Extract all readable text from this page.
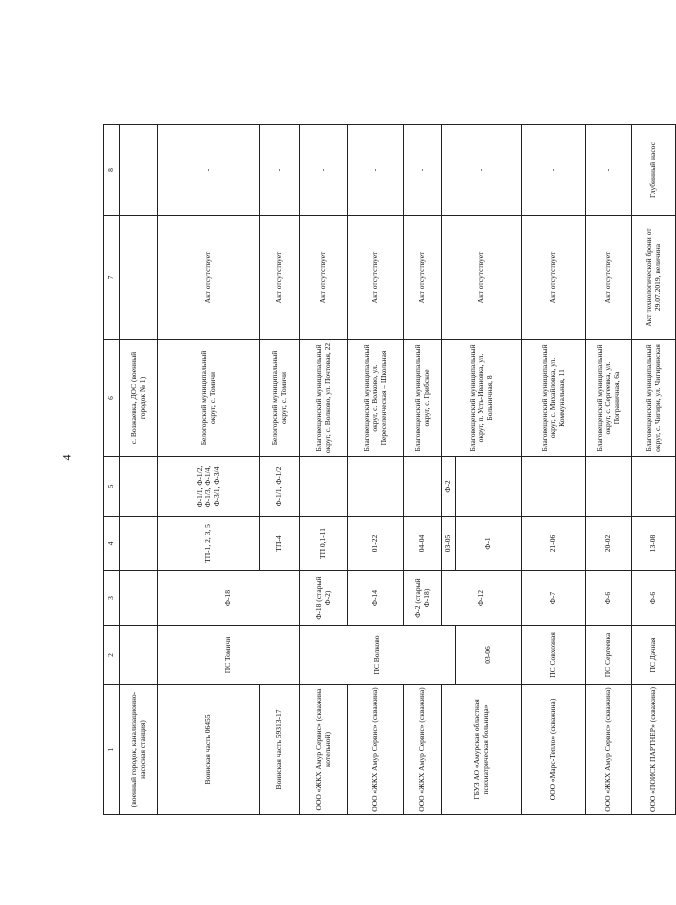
4
1	2	3	4	5	6	7	8
(военный городок, канализационно-насосная станция)					с. Возжаевка, ДОС (военный городок № 1)		
Воинская часть 06455	ПС Томичи	Ф-18	ТП-1, 2, 3, 5	Ф-1/1, Ф-1/2, Ф-1/3, Ф-1/4, Ф-3/1, Ф-3/4	Белогорский муниципальный округ, с. Томичи	Акт отсутствует	-
Воинская часть 59313-17			ТП-4	Ф-1/1, Ф-1/2	Белогорский муниципальный округ, с. Томичи	Акт отсутствует	-
ООО «ЖКХ Амур Сервис» (скважина котельной)	ПС Волково	Ф-18 (старый Ф-2)	ТП 0,1-11		Благовещенский муниципальный округ, с. Волково, ул. Почтовая, 22	Акт отсутствует	-
ООО «ЖКХ Амур Сервис» (скважина)		Ф-14	01-22		Благовещенский муниципальный округ, с. Волково, ул. Переселенческая – Школьная	Акт отсутствует	-
ООО «ЖКХ Амур Сервис» (скважина)		Ф-2 (старый Ф-18)	04-04		Благовещенский муниципальный округ, с. Грибское	Акт отсутствует	-
ГБУЗ АО «Амурская областная психиатрическая больница»		Ф-12	03-05	Ф-2	Благовещенский муниципальный округ, п. Усть-Ивановка, ул. Больничная, 8	Акт отсутствует	-
	03-06		Ф-1				
ООО «Марс-Тепло» (скважина)	ПС Совхозная	Ф-7	21-06		Благовещенский муниципальный округ, с. Михайловка, ул. Коммунальная, 11	Акт отсутствует	-
ООО «ЖКХ Амур Сервис» (скважина)	ПС Сергеевка	Ф-6	20-02		Благовещенский муниципальный округ, с. Сергеевка, ул. Пограничная, 6а	Акт отсутствует	-
ООО «ПОИСК ПАРТНЕР» (скважина)	ПС Дачная	Ф-6	13-08		Благовещенский муниципальный округ, с. Чигири, ул. Чигиринская	Акт технологической брони от 29.07.2019, величина	Глубинный насос
